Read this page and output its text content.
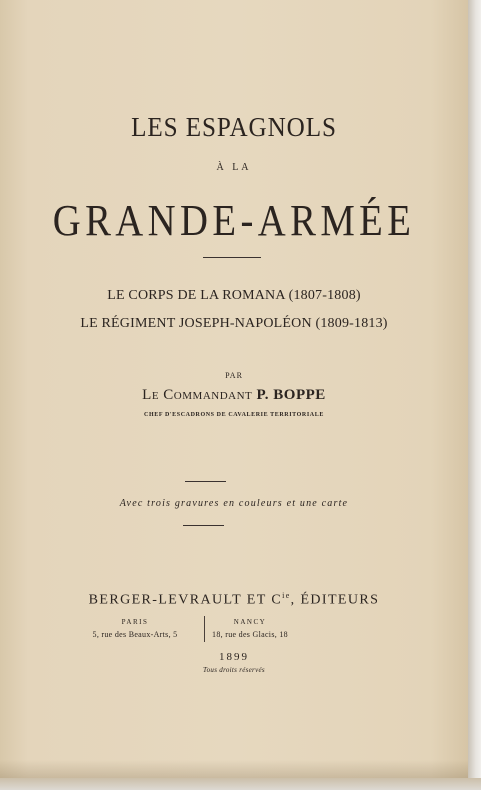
LES ESPAGNOLS
À LA
GRANDE-ARMÉE
LE CORPS DE LA ROMANA (1807-1808)
LE RÉGIMENT JOSEPH-NAPOLÉON (1809-1813)
PAR
Le Commandant P. BOPPE
CHEF D'ESCADRONS DE CAVALERIE TERRITORIALE
Avec trois gravures en couleurs et une carte
BERGER-LEVRAULT ET $C^{ie}$, ÉDITEURS
PARIS
5, rue des Beaux-Arts, 5
NANCY
18, rue des Glacis, 18
1899
Tous droits réservés
